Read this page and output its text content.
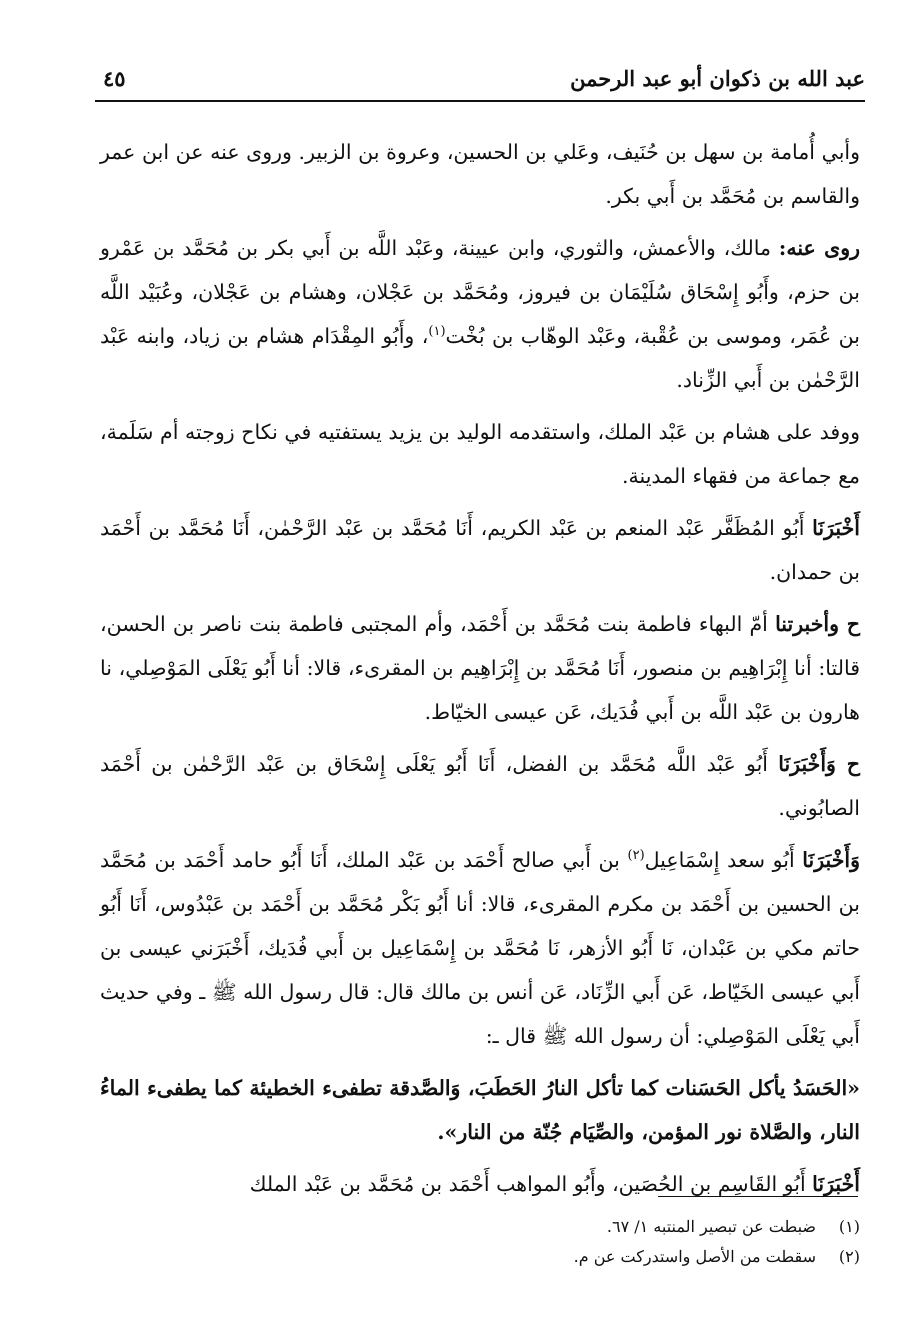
عبد الله بن ذكوان أبو عبد الرحمن
٤٥

وأبي أُمامة بن سهل بن حُنَيف، وعَلي بن الحسين، وعروة بن الزبير. وروى عنه عن ابن عمر والقاسم بن مُحَمَّد بن أَبي بكر.

روى عنه: مالك، والأعمش، والثوري، وابن عيينة، وعَبْد اللَّه بن أَبي بكر بن مُحَمَّد بن عَمْرو بن حزم، وأَبُو إِسْحَاق سُلَيْمَان بن فيروز، ومُحَمَّد بن عَجْلان، وهشام بن عَجْلان، وعُبَيْد اللَّه بن عُمَر، وموسى بن عُقْبة، وعَبْد الوهّاب بن بُخْت$^{(١)}$، وأَبُو المِقْدَام هشام بن زياد، وابنه عَبْد الرَّحْمٰن بن أَبي الزِّناد.

ووفد على هشام بن عَبْد الملك، واستقدمه الوليد بن يزيد يستفتيه في نكاح زوجته أم سَلَمة، مع جماعة من فقهاء المدينة.

أَخْبَرَنَا أَبُو المُظَفَّر عَبْد المنعم بن عَبْد الكريم، أَنَا مُحَمَّد بن عَبْد الرَّحْمٰن، أَنَا مُحَمَّد بن أَحْمَد بن حمدان.

ح وأخبرتنا أمّ البهاء فاطمة بنت مُحَمَّد بن أَحْمَد، وأم المجتبى فاطمة بنت ناصر بن الحسن، قالتا: أنا إِبْرَاهِيم بن منصور، أَنَا مُحَمَّد بن إِبْرَاهِيم بن المقرىء، قالا: أنا أَبُو يَعْلَى المَوْصِلي، نا هارون بن عَبْد اللَّه بن أَبي فُدَيك، عَن عيسى الخيّاط.

ح وَأَخْبَرَنَا أَبُو عَبْد اللَّه مُحَمَّد بن الفضل، أَنَا أَبُو يَعْلَى إِسْحَاق بن عَبْد الرَّحْمٰن بن أَحْمَد الصابُوني.

وَأَخْبَرَنَا أَبُو سعد إِسْمَاعِيل$^{(٢)}$ بن أَبي صالح أَحْمَد بن عَبْد الملك، أَنَا أَبُو حامد أَحْمَد بن مُحَمَّد بن الحسين بن أَحْمَد بن مكرم المقرىء، قالا: أنا أَبُو بَكْر مُحَمَّد بن أَحْمَد بن عَبْدُوس، أَنَا أَبُو حاتم مكي بن عَبْدان، نَا أَبُو الأزهر، نَا مُحَمَّد بن إِسْمَاعِيل بن أَبي فُدَيك، أَخْبَرَني عيسى بن أَبي عيسى الخَيّاط، عَن أَبي الزِّنَاد، عَن أنس بن مالك قال: قال رسول الله ﷺ ـ وفي حديث أَبي يَعْلَى المَوْصِلي: أن رسول الله ﷺ قال ـ:

«الحَسَدُ يأكل الحَسَنات كما تأكل النارُ الحَطَبَ، وَالصَّدقة تطفىء الخطيئة كما يطفىء الماءُ النار، والصَّلاة نور المؤمن، والصِّيَام جُنّة من النار».

أَخْبَرَنَا أَبُو القَاسِم بن الحُصَين، وأَبُو المواهب أَحْمَد بن مُحَمَّد بن عَبْد الملك

(١)
ضبطت عن تبصير المنتبه ١/ ٦٧.
(٢)
سقطت من الأصل واستدركت عن م.
